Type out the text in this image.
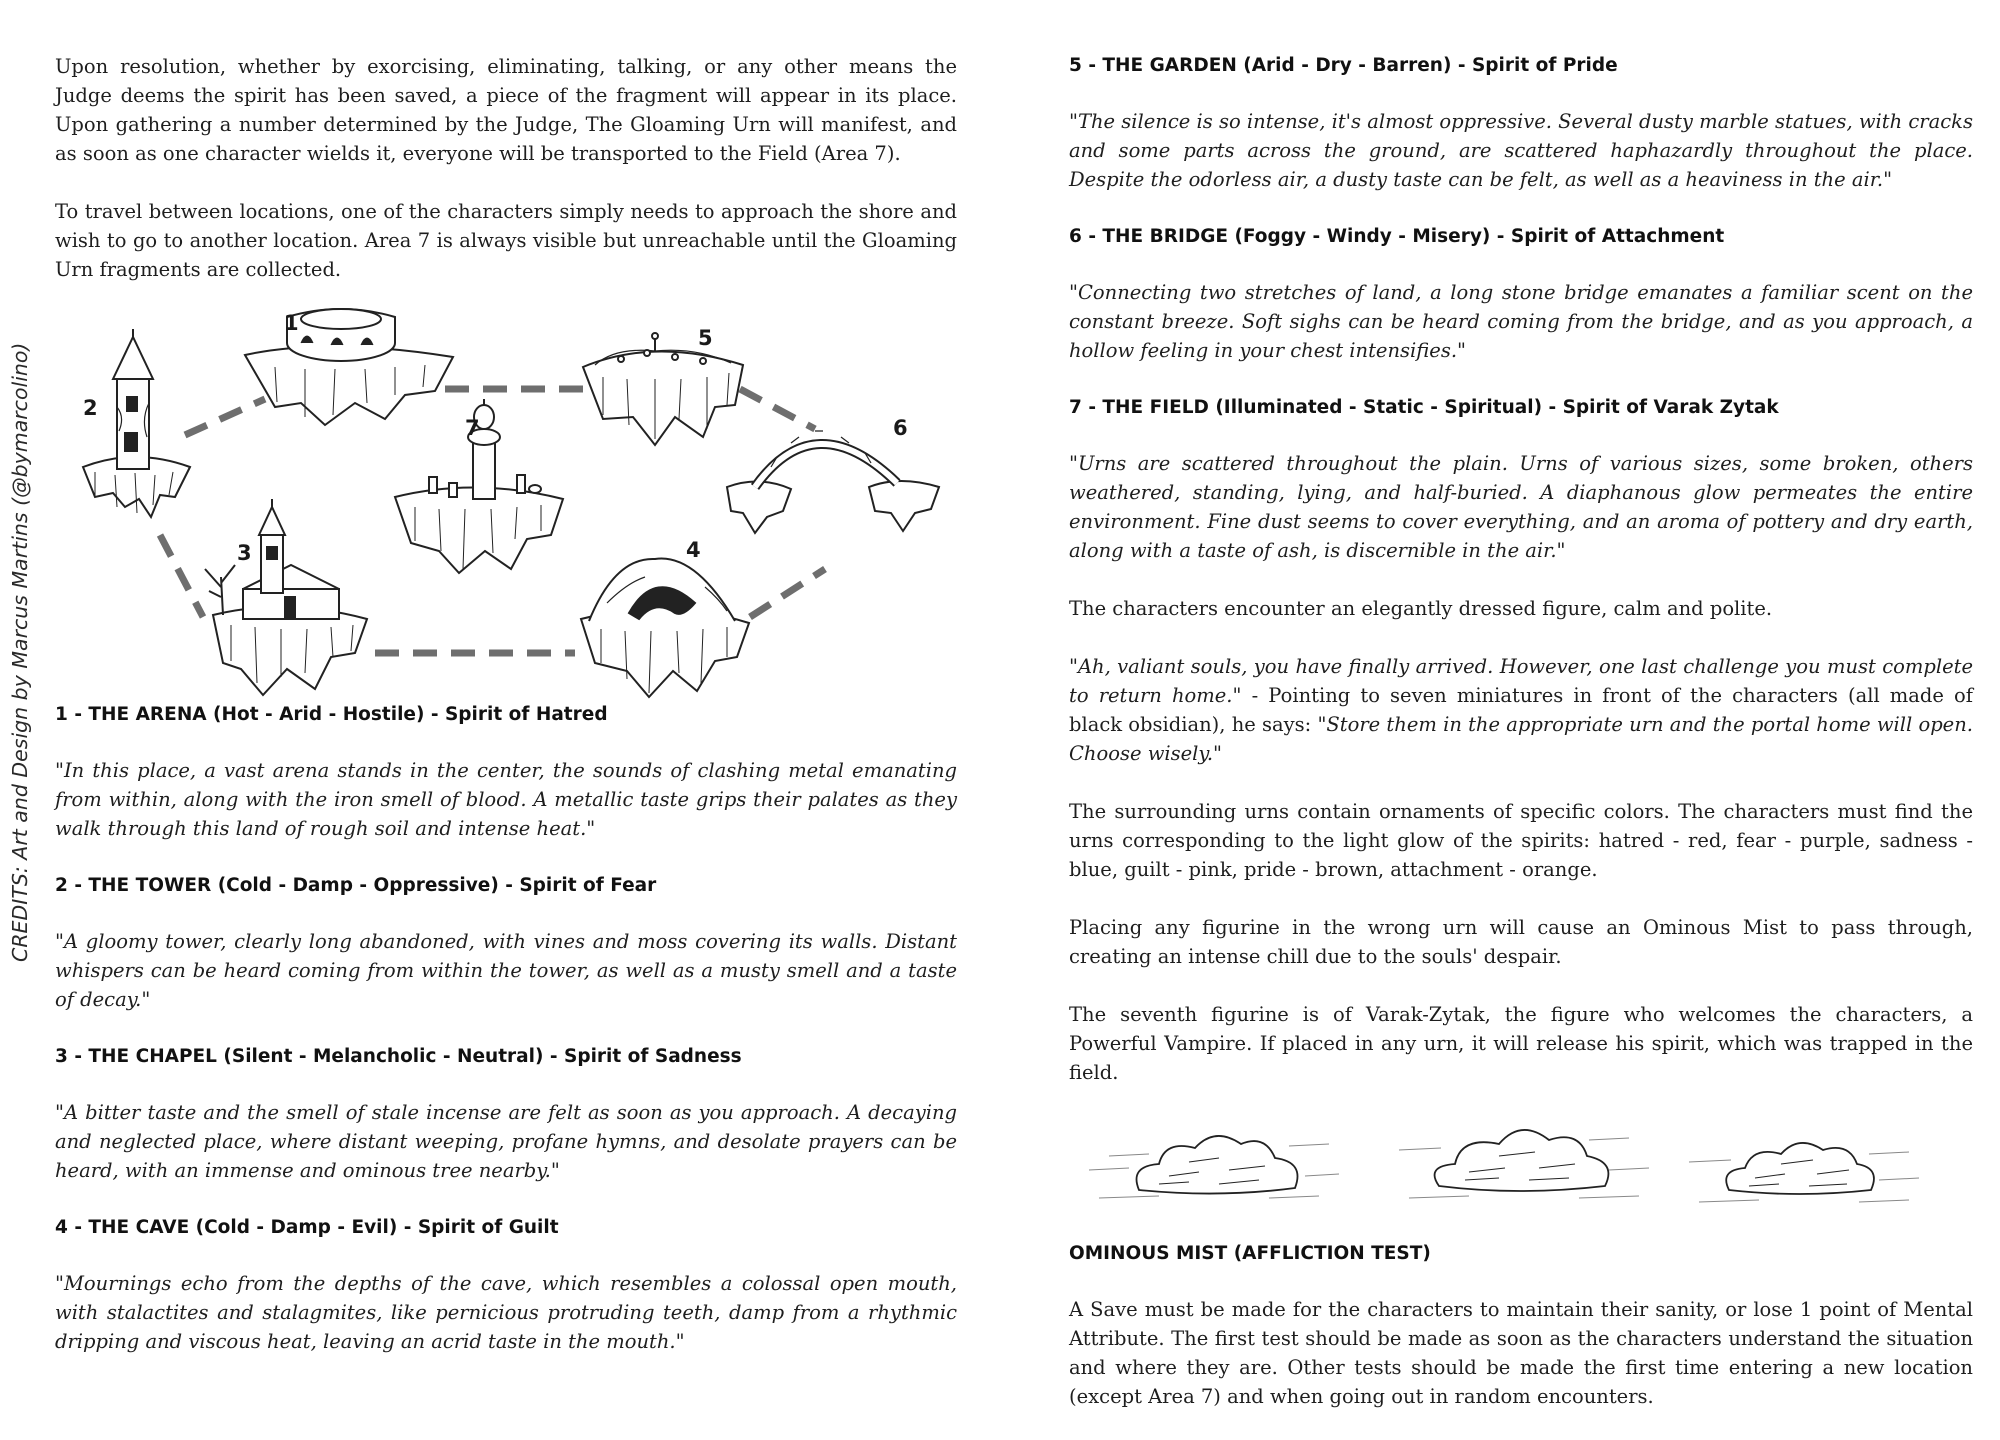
CREDITS: Art and Design by Marcus Martins (@bymarcolino)

Upon resolution, whether by exorcising, eliminating, talking, or any other means the Judge deems the spirit has been saved, a piece of the fragment will appear in its place. Upon gathering a number determined by the Judge, The Gloaming Urn will manifest, and as soon as one character wields it, everyone will be transported to the Field (Area 7).

To travel between locations, one of the characters simply needs to approach the shore and wish to go to another location. Area 7 is always visible but unreachable until the Gloaming Urn fragments are collected.

1
2
3	4
5
6
7
1 - THE ARENA (Hot - Arid - Hostile) - Spirit of Hatred

"In this place, a vast arena stands in the center, the sounds of clashing metal emanating from within, along with the iron smell of blood. A metallic taste grips their palates as they walk through this land of rough soil and intense heat."

2 - THE TOWER (Cold - Damp - Oppressive) - Spirit of Fear

"A gloomy tower, clearly long abandoned, with vines and moss covering its walls. Distant whispers can be heard coming from within the tower, as well as a musty smell and a taste of decay."

3 - THE CHAPEL (Silent - Melancholic - Neutral) - Spirit of Sadness

"A bitter taste and the smell of stale incense are felt as soon as you approach. A decaying and neglected place, where distant weeping, profane hymns, and desolate prayers can be heard, with an immense and ominous tree nearby."

4 - THE CAVE (Cold - Damp - Evil) - Spirit of Guilt

"Mournings echo from the depths of the cave, which resembles a colossal open mouth, with stalactites and stalagmites, like pernicious protruding teeth, damp from a rhythmic dripping and viscous heat, leaving an acrid taste in the mouth."

5 - THE GARDEN (Arid - Dry - Barren) - Spirit of Pride

"The silence is so intense, it's almost oppressive. Several dusty marble statues, with cracks and some parts across the ground, are scattered haphazardly throughout the place. Despite the odorless air, a dusty taste can be felt, as well as a heaviness in the air."

6 - THE BRIDGE (Foggy - Windy - Misery) - Spirit of Attachment

"Connecting two stretches of land, a long stone bridge emanates a familiar scent on the constant breeze. Soft sighs can be heard coming from the bridge, and as you approach, a hollow feeling in your chest intensifies."

7 - THE FIELD (Illuminated - Static - Spiritual) - Spirit of Varak Zytak

"Urns are scattered throughout the plain. Urns of various sizes, some broken, others weathered, standing, lying, and half-buried. A diaphanous glow permeates the entire environment. Fine dust seems to cover everything, and an aroma of pottery and dry earth, along with a taste of ash, is discernible in the air."

The characters encounter an elegantly dressed figure, calm and polite.

"Ah, valiant souls, you have finally arrived. However, one last challenge you must complete to return home." - Pointing to seven miniatures in front of the characters (all made of black obsidian), he says: "Store them in the appropriate urn and the portal home will open. Choose wisely."

The surrounding urns contain ornaments of specific colors. The characters must find the urns corresponding to the light glow of the spirits: hatred - red, fear - purple, sadness - blue, guilt - pink, pride - brown, attachment - orange.

Placing any figurine in the wrong urn will cause an Ominous Mist to pass through, creating an intense chill due to the souls' despair.

The seventh figurine is of Varak-Zytak, the figure who welcomes the characters, a Powerful Vampire. If placed in any urn, it will release his spirit, which was trapped in the field.

OMINOUS MIST (AFFLICTION TEST)

A Save must be made for the characters to maintain their sanity, or lose 1 point of Mental Attribute. The first test should be made as soon as the characters understand the situation and where they are. Other tests should be made the first time entering a new location (except Area 7) and when going out in random encounters.
